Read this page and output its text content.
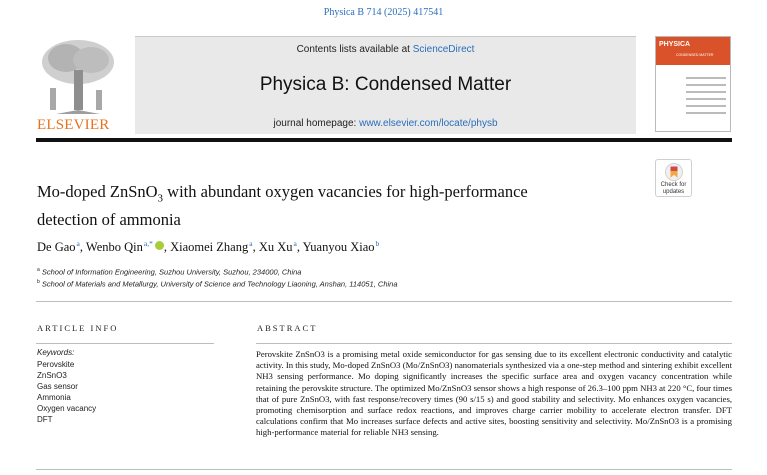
Physica B 714 (2025) 417541
ELSEVIER
Contents lists available at ScienceDirect
Physica B: Condensed Matter
journal homepage: www.elsevier.com/locate/physb
PHYSICA
CONDENSED MATTER
Mo-doped ZnSnO$_3$ with abundant oxygen vacancies for high-performance
detection of ammonia
Check for
updates
De Gao$^a$, Wenbo Qin$^{a,*}$ , Xiaomei Zhang$^a$, Xu Xu$^a$, Yuanyou Xiao$^b$
$^a$ School of Information Engineering, Suzhou University, Suzhou, 234000, China
$^b$ School of Materials and Metallurgy, University of Science and Technology Liaoning, Anshan, 114051, China
ARTICLE INFO	ABSTRACT
Keywords:
Perovskite
ZnSnO3
Gas sensor
Ammonia
Oxygen vacancy
DFT
Perovskite ZnSnO3 is a promising metal oxide semiconductor for gas sensing due to its excellent electronic conductivity and catalytic activity. In this study, Mo-doped ZnSnO3 (Mo/ZnSnO3) nanomaterials synthesized via a one-step method and sintering exhibit excellent NH3 sensing performance. Mo doping significantly increases the specific surface area and oxygen vacancy concentration while retaining the perovskite structure. The optimized Mo/ZnSnO3 sensor shows a high response of 26.3–100 ppm NH3 at 220 °C, four times that of pure ZnSnO3, with fast response/recovery times (90 s/15 s) and good stability and selectivity. Mo enhances oxygen vacancies, promoting chemisorption and surface redox reactions, and improves charge carrier mobility to accelerate electron transfer. DFT calculations confirm that Mo increases surface defects and active sites, boosting sensitivity and selectivity. Mo/ZnSnO3 is a promising high-performance material for reliable NH3 sensing.
